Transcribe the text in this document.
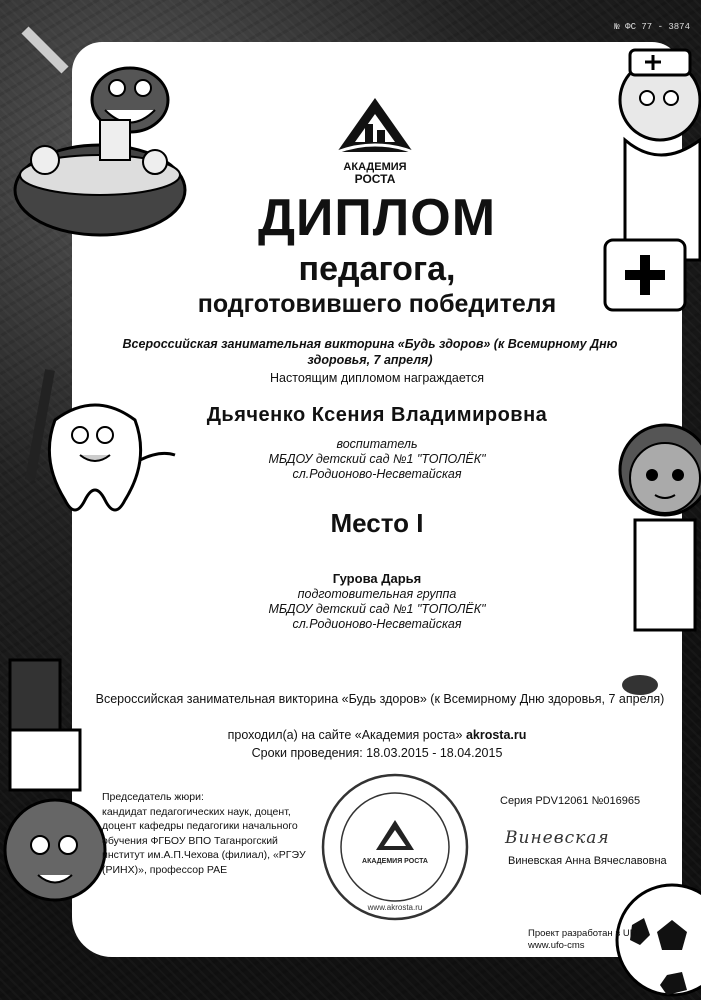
№ ФС 77 - 3874
АКАДЕМИЯ
РОСТА
ДИПЛОМ
педагога,
подготовившего победителя
Всероссийская занимательная викторина «Будь здоров» (к Всемирному Дню здоровья, 7 апреля)
Настоящим дипломом награждается
Дьяченко Ксения Владимировна
воспитатель
МБДОУ детский сад №1 "ТОПОЛЁК"
сл.Родионово-Несветайская
Место I
Гурова Дарья
подготовительная группа
МБДОУ детский сад №1 "ТОПОЛЁК"
сл.Родионово-Несветайская
Всероссийская занимательная викторина «Будь здоров» (к Всемирному Дню здоровья, 7 апреля)
проходил(а) на сайте «Академия роста» akrosta.ru
Сроки проведения: 18.03.2015 - 18.04.2015
Председатель жюри:
кандидат педагогических наук, доцент,
доцент кафедры педагогики начального
обучения ФГБОУ ВПО Таганрогский
институт им.А.П.Чехова (филиал), «РГЭУ
(РИНХ)», профессор РАЕ
АКАДЕМИЯ РОСТА
www.akrosta.ru
Серия PDV12061 №016965
Виневская
Виневская Анна Вячеславовна
Проект разработан в UM
www.ufo-cms
